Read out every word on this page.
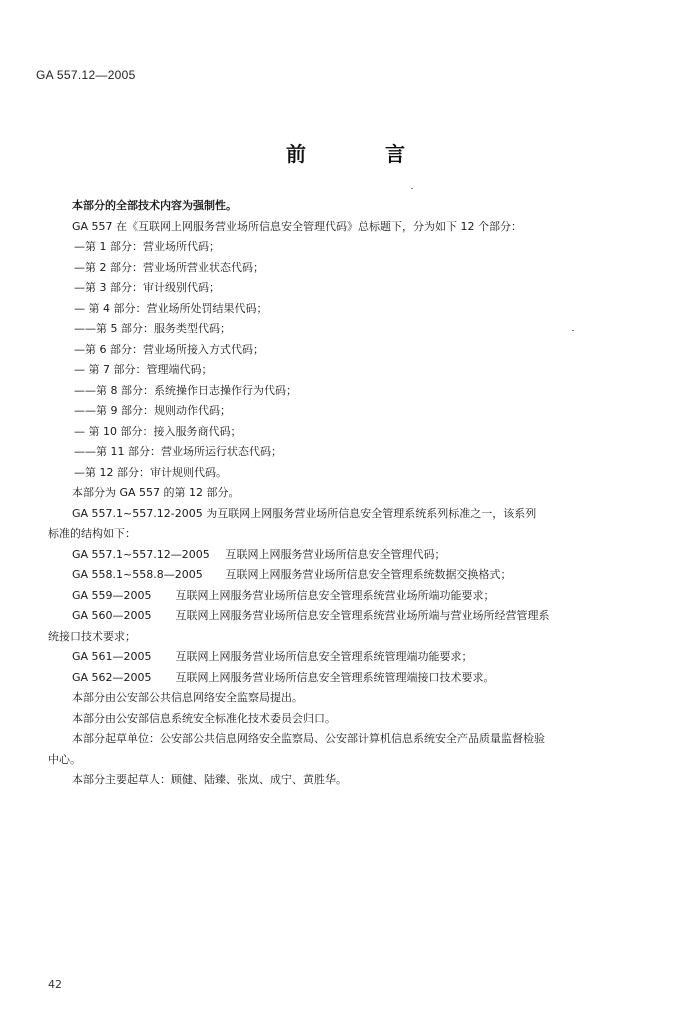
GA 557.12—2005
前 言
本部分的全部技术内容为强制性。
GA 557 在《互联网上网服务营业场所信息安全管理代码》总标题下，分为如下 12 个部分：
—第 1 部分：营业场所代码；
—第 2 部分：营业场所营业状态代码；
—第 3 部分：审计级别代码；
— 第 4 部分：营业场所处罚结果代码；
——第 5 部分：服务类型代码；
—第 6 部分：营业场所接入方式代码；
— 第 7 部分：管理端代码；
——第 8 部分：系统操作日志操作行为代码；
——第 9 部分：规则动作代码；
— 第 10 部分：接入服务商代码；
——第 11 部分：营业场所运行状态代码；
—第 12 部分：审计规则代码。
本部分为 GA 557 的第 12 部分。
GA 557.1~557.12-2005 为互联网上网服务营业场所信息安全管理系统系列标准之一，该系列
标准的结构如下：
GA 557.1~557.12—2005 互联网上网服务营业场所信息安全管理代码；
GA 558.1~558.8—2005 互联网上网服务营业场所信息安全管理系统数据交换格式；
GA 559—2005 互联网上网服务营业场所信息安全管理系统营业场所端功能要求；
GA 560—2005 互联网上网服务营业场所信息安全管理系统营业场所端与营业场所经营管理系
统接口技术要求；
GA 561—2005 互联网上网服务营业场所信息安全管理系统管理端功能要求；
GA 562—2005 互联网上网服务营业场所信息安全管理系统管理端接口技术要求。
本部分由公安部公共信息网络安全监察局提出。
本部分由公安部信息系统安全标准化技术委员会归口。
本部分起草单位：公安部公共信息网络安全监察局、公安部计算机信息系统安全产品质量监督检验
中心。
本部分主要起草人：顾健、陆臻、张岚、成宁、黄胜华。
42
